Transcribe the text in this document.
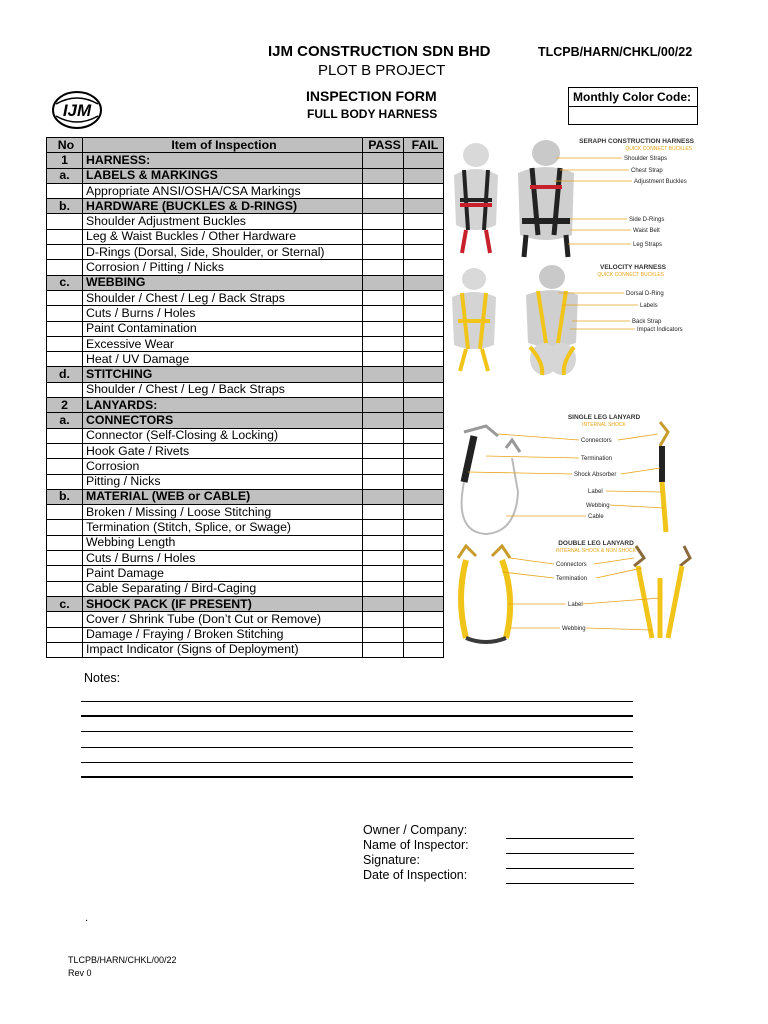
IJM CONSTRUCTION SDN BHD
PLOT B PROJECT
TLCPB/HARN/CHKL/00/22
INSPECTION FORM
FULL BODY HARNESS
Monthly Color Code:
IJM
No	Item of Inspection	PASS	FAIL
1	HARNESS:		
a.	LABELS & MARKINGS		
	Appropriate ANSI/OSHA/CSA Markings		
b.	HARDWARE (BUCKLES & D-RINGS)		
	Shoulder Adjustment Buckles		
	Leg & Waist Buckles / Other Hardware		
	D-Rings (Dorsal, Side, Shoulder, or Sternal)		
	Corrosion / Pitting / Nicks		
c.	WEBBING		
	Shoulder / Chest / Leg / Back Straps		
	Cuts / Burns / Holes		
	Paint Contamination		
	Excessive Wear		
	Heat / UV Damage		
d.	STITCHING		
	Shoulder / Chest / Leg / Back Straps		
2	LANYARDS:		
a.	CONNECTORS		
	Connector (Self-Closing & Locking)		
	Hook Gate / Rivets		
	Corrosion		
	Pitting / Nicks		
b.	MATERIAL (WEB or CABLE)		
	Broken / Missing / Loose Stitching		
	Termination (Stitch, Splice, or Swage)		
	Webbing Length		
	Cuts / Burns / Holes		
	Paint Damage		
	Cable Separating / Bird-Caging		
c.	SHOCK PACK (IF PRESENT)		
	Cover / Shrink Tube (Don’t Cut or Remove)		
	Damage / Fraying / Broken Stitching		
	Impact Indicator (Signs of Deployment)		
SERAPH CONSTRUCTION HARNESS
QUICK CONNECT BUCKLES
Shoulder Straps
Chest Strap
Adjustment Buckles
Side D-Rings
Waist Belt
Leg Straps
VELOCITY HARNESS
QUICK CONNECT BUCKLES
Dorsal D-Ring
Labels
Back Strap
Impact Indicators
SINGLE LEG LANYARD
INTERNAL SHOCK
Connectors
Termination
Shock Absorber
Label
Webbing
Cable
DOUBLE LEG LANYARD
INTERNAL SHOCK & NON SHOCK
Connectors
Termination
Label
Webbing
Notes:
Owner / Company:
Name of Inspector:
Signature:
Date of Inspection:
.
TLCPB/HARN/CHKL/00/22
Rev 0
